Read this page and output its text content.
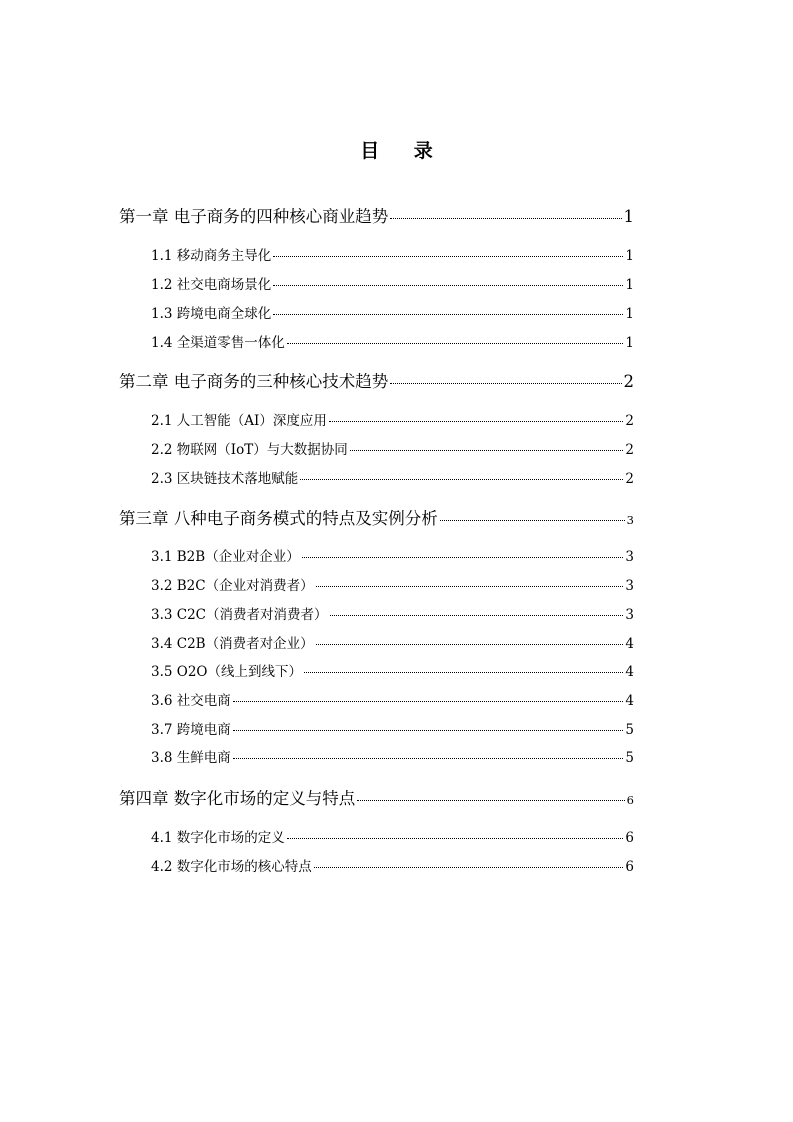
目 录
第一章 电子商务的四种核心商业趋势	1
1.1 移动商务主导化	1
1.2 社交电商场景化	1
1.3 跨境电商全球化	1
1.4 全渠道零售一体化	1
第二章 电子商务的三种核心技术趋势	2
2.1 人工智能（AI）深度应用	2
2.2 物联网（IoT）与大数据协同	2
2.3 区块链技术落地赋能	2
第三章 八种电子商务模式的特点及实例分析	3
3.1 B2B（企业对企业）	3
3.2 B2C（企业对消费者）	3
3.3 C2C（消费者对消费者）	3
3.4 C2B（消费者对企业）	4
3.5 O2O（线上到线下）	4
3.6 社交电商	4
3.7 跨境电商	5
3.8 生鲜电商	5
第四章 数字化市场的定义与特点	6
4.1 数字化市场的定义	6
4.2 数字化市场的核心特点	6
